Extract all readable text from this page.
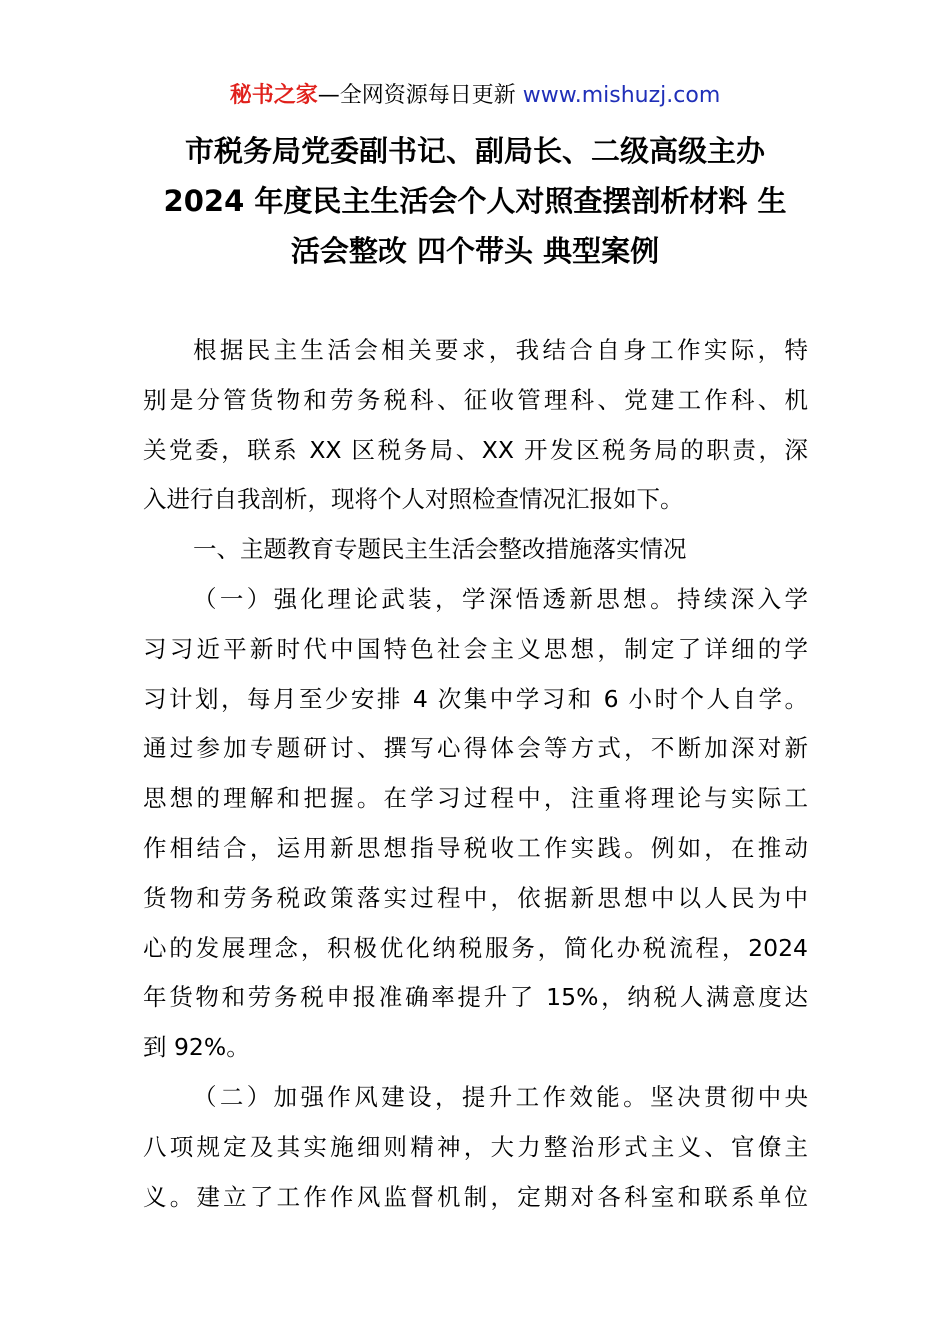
秘书之家—全网资源每日更新 www.mishuzj.com
市税务局党委副书记、副局长、二级高级主办
2024 年度民主生活会个人对照查摆剖析材料 生
活会整改 四个带头 典型案例
根据民主生活会相关要求，我结合自身工作实际，特
别是分管货物和劳务税科、征收管理科、党建工作科、机
关党委，联系 XX 区税务局、XX 开发区税务局的职责，深
入进行自我剖析，现将个人对照检查情况汇报如下。
一、主题教育专题民主生活会整改措施落实情况
（一）强化理论武装，学深悟透新思想。持续深入学
习习近平新时代中国特色社会主义思想，制定了详细的学
习计划，每月至少安排 4 次集中学习和 6 小时个人自学。
通过参加专题研讨、撰写心得体会等方式，不断加深对新
思想的理解和把握。在学习过程中，注重将理论与实际工
作相结合，运用新思想指导税收工作实践。例如，在推动
货物和劳务税政策落实过程中，依据新思想中以人民为中
心的发展理念，积极优化纳税服务，简化办税流程，2024
年货物和劳务税申报准确率提升了 15%，纳税人满意度达
到 92%。
（二）加强作风建设，提升工作效能。坚决贯彻中央
八项规定及其实施细则精神，大力整治形式主义、官僚主
义。建立了工作作风监督机制，定期对各科室和联系单位
